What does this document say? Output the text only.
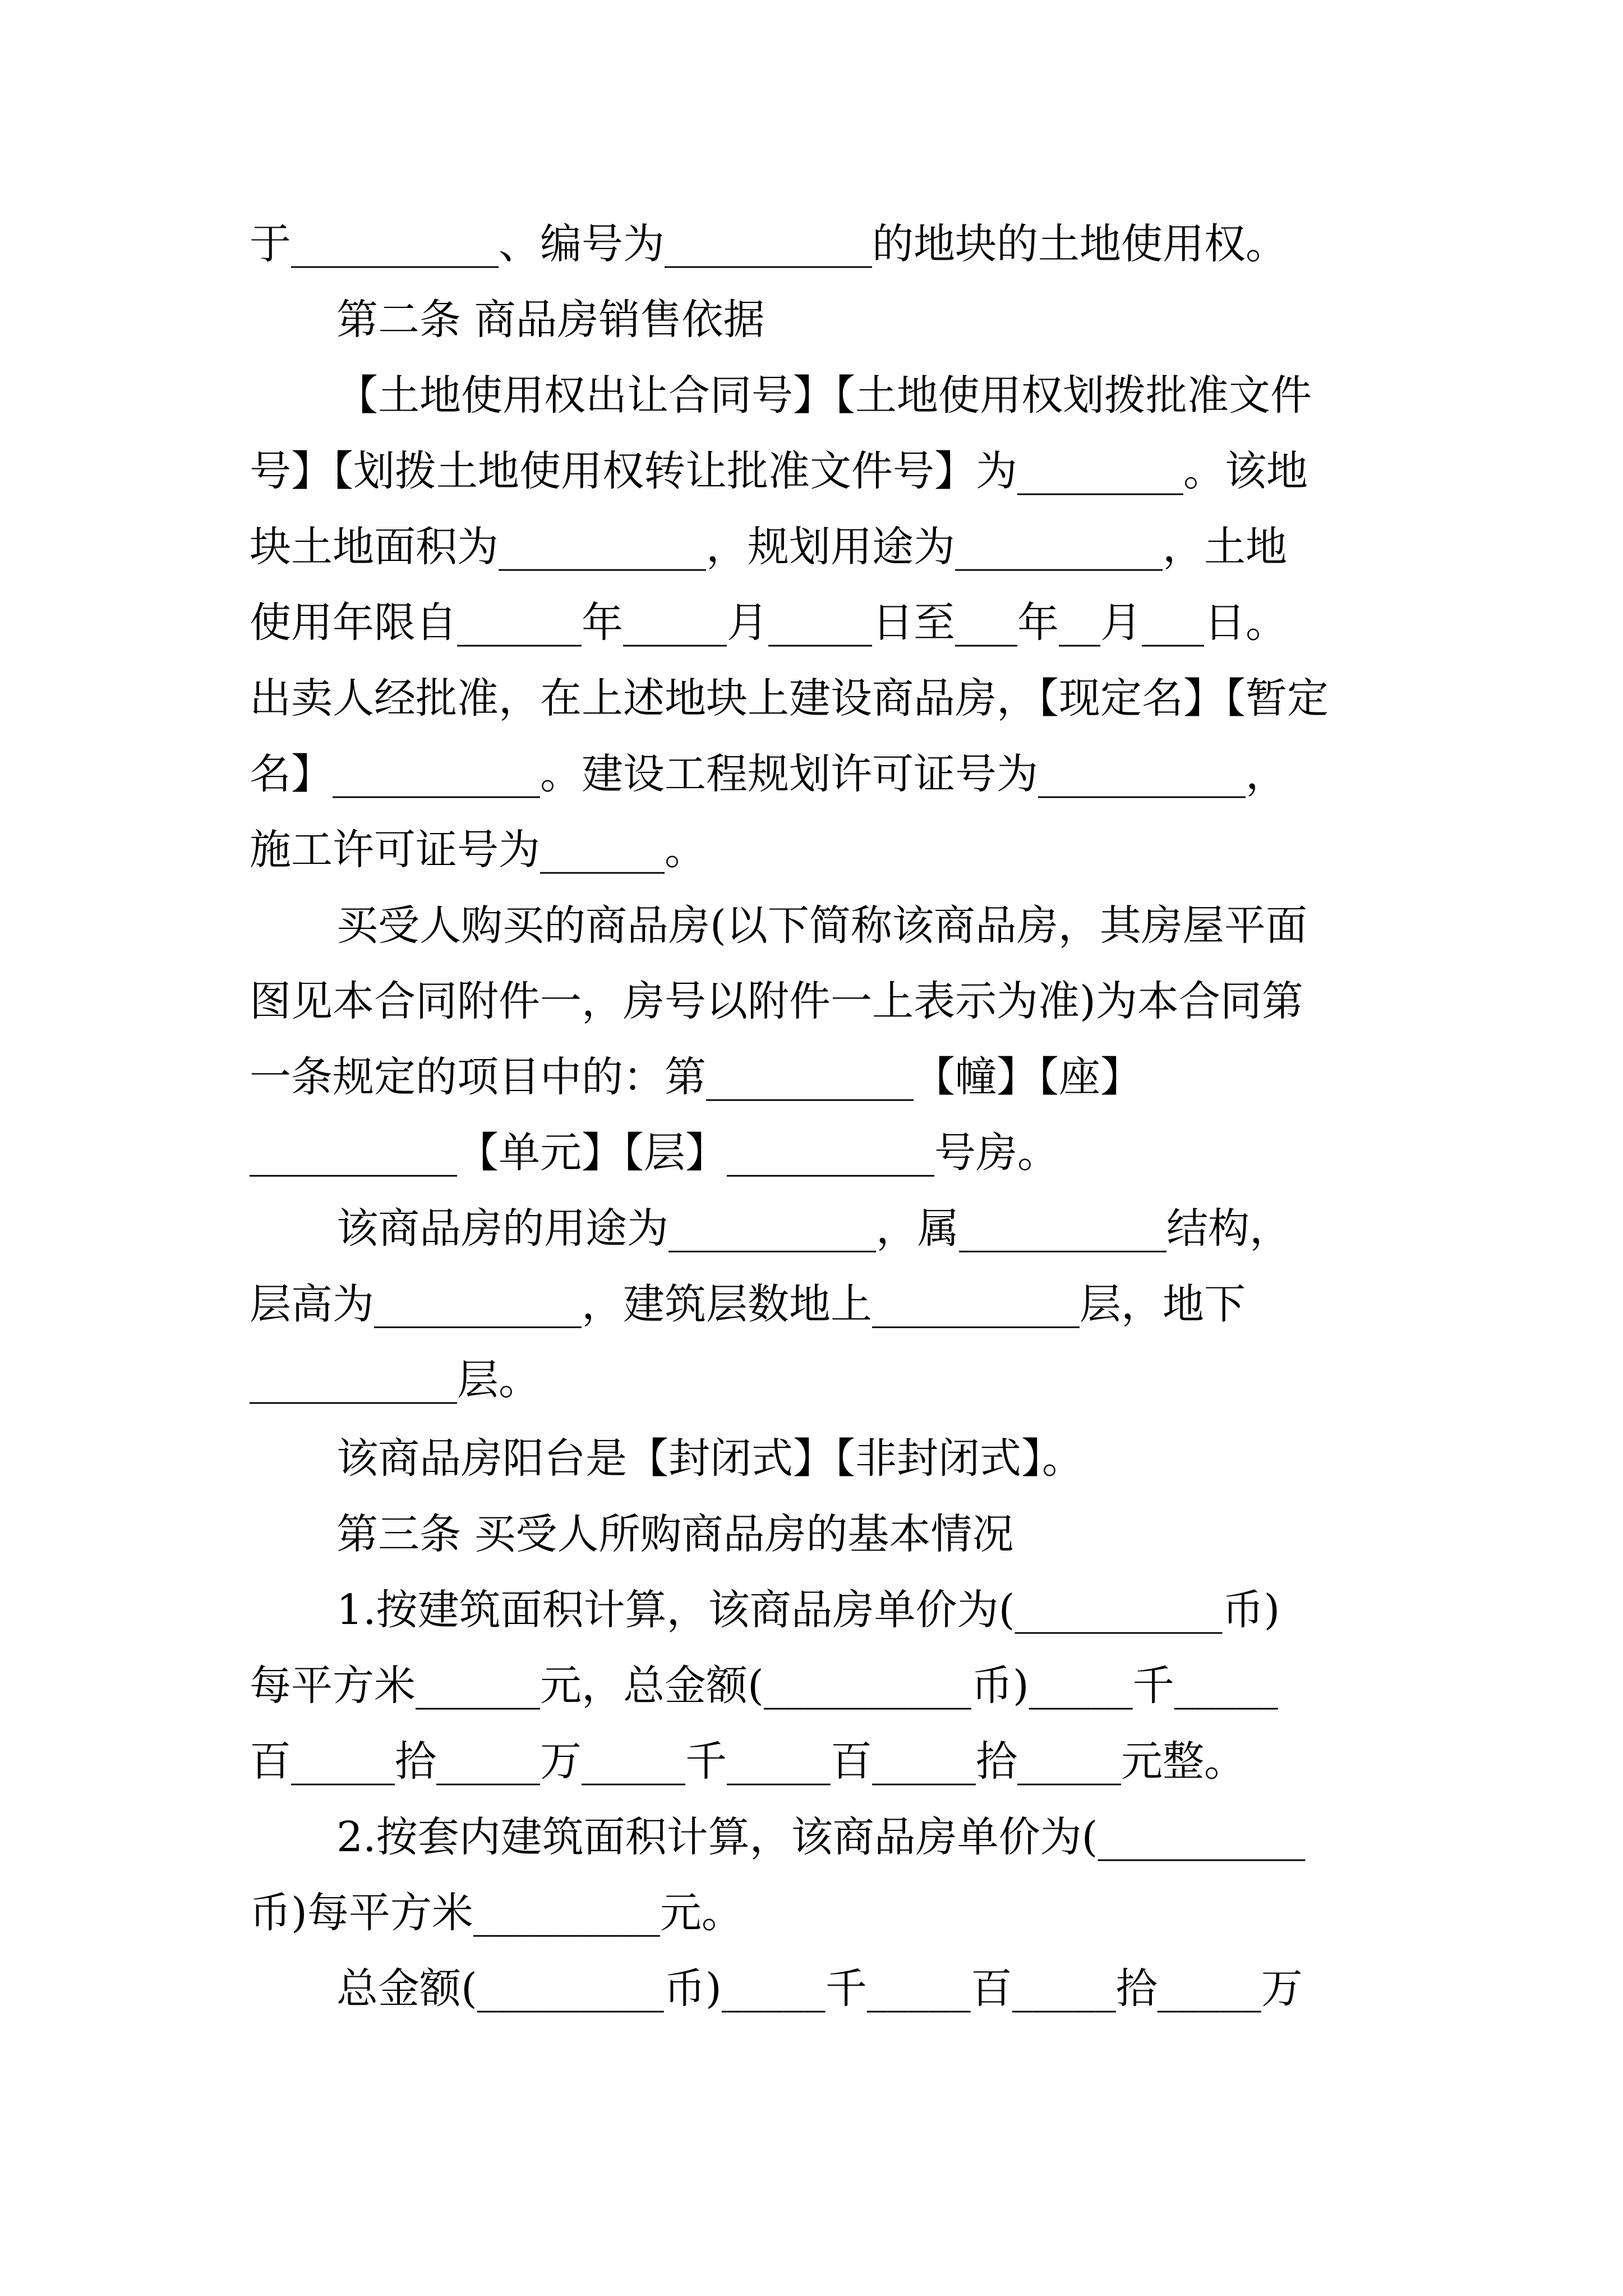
于__________、编号为__________的地块的土地使用权。
第二条 商品房销售依据
【土地使用权出让合同号】【土地使用权划拨批准文件
号】【划拨土地使用权转让批准文件号】为________。该地
块土地面积为__________，规划用途为__________，土地
使用年限自______年_____月_____日至___年__月___日。
出卖人经批准，在上述地块上建设商品房，【现定名】【暂定
名】__________。建设工程规划许可证号为__________，
施工许可证号为______。
买受人购买的商品房(以下简称该商品房，其房屋平面
图见本合同附件一，房号以附件一上表示为准)为本合同第
一条规定的项目中的：第__________【幢】【座】
__________【单元】【层】__________号房。
该商品房的用途为__________，属__________结构，
层高为__________，建筑层数地上__________层，地下
__________层。
该商品房阳台是【封闭式】【非封闭式】。
第三条 买受人所购商品房的基本情况
1.按建筑面积计算，该商品房单价为(__________币)
每平方米______元，总金额(__________币)_____千_____
百_____拾_____万_____千_____百_____拾_____元整。
2.按套内建筑面积计算，该商品房单价为(__________
币)每平方米_________元。
总金额(_________币)_____千_____百_____拾_____万
